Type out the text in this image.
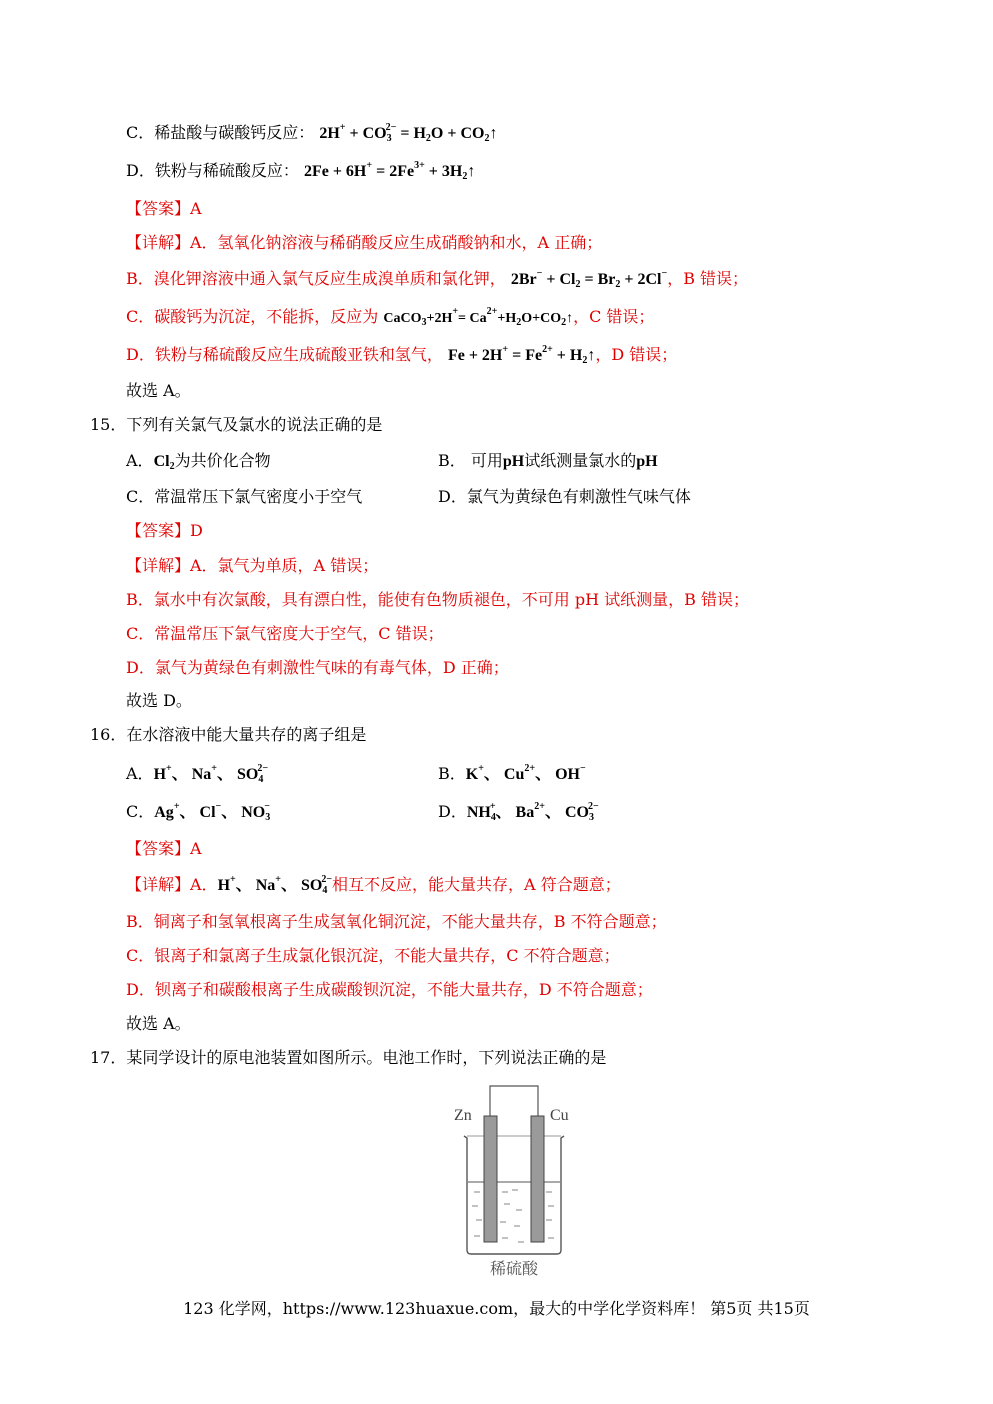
C．稀盐酸与碳酸钙反应： $2H^+ + CO_3^{2-} = H_2O$ + $CO_2↑$
D．铁粉与稀硫酸反应： $2Fe + 6H^+ = 2Fe^{3+}$ + $3H_2↑$
【答案】A
【详解】A．氢氧化钠溶液与稀硝酸反应生成硝酸钠和水，A 正确；
B．溴化钾溶液中通入氯气反应生成溴单质和氯化钾， $2Br^- + Cl_2 = Br_2 + 2Cl^-$，B 错误；
C．碳酸钙为沉淀，不能拆，反应为 CaCO$_3$+2H+= $Ca^{2+}+H_2O+CO_2↑$，C 错误；
D．铁粉与稀硫酸反应生成硫酸亚铁和氢气， $Fe + 2H^+ = Fe^{2+}$ + $H_2↑$，D 错误；
故选 A。
15．下列有关氯气及氯水的说法正确的是
A．$Cl_2$为共价化合物	B． 可用pH试纸测量氯水的pH
C．常温常压下氯气密度小于空气	D．氯气为黄绿色有刺激性气味气体
【答案】D
【详解】A．氯气为单质，A 错误；
B．氯水中有次氯酸，具有漂白性，能使有色物质褪色，不可用 pH 试纸测量，B 错误；
C．常温常压下氯气密度大于空气，C 错误；
D．氯气为黄绿色有刺激性气味的有毒气体，D 正确；
故选 D。
16．在水溶液中能大量共存的离子组是
A．H+、 Na+、 $SO_4^{2-}$	B．K+、 $Cu^{2+}$、 OH−
C．Ag+、 Cl−、 $NO_3^-$	D．$NH_4^+$、 $Ba^{2+}$、 $CO_3^{2-}$
【答案】A
【详解】A．H+、 Na+、 $SO_4^{2-}$相互不反应，能大量共存，A 符合题意；
B．铜离子和氢氧根离子生成氢氧化铜沉淀，不能大量共存，B 不符合题意；
C．银离子和氯离子生成氯化银沉淀，不能大量共存，C 不符合题意；
D．钡离子和碳酸根离子生成碳酸钡沉淀，不能大量共存，D 不符合题意；
故选 A。
17．某同学设计的原电池装置如图所示。电池工作时，下列说法正确的是
Zn	Cu
稀硫酸
123 化学网，https://www.123huaxue.com，最大的中学化学资料库！ 第5页 共15页
